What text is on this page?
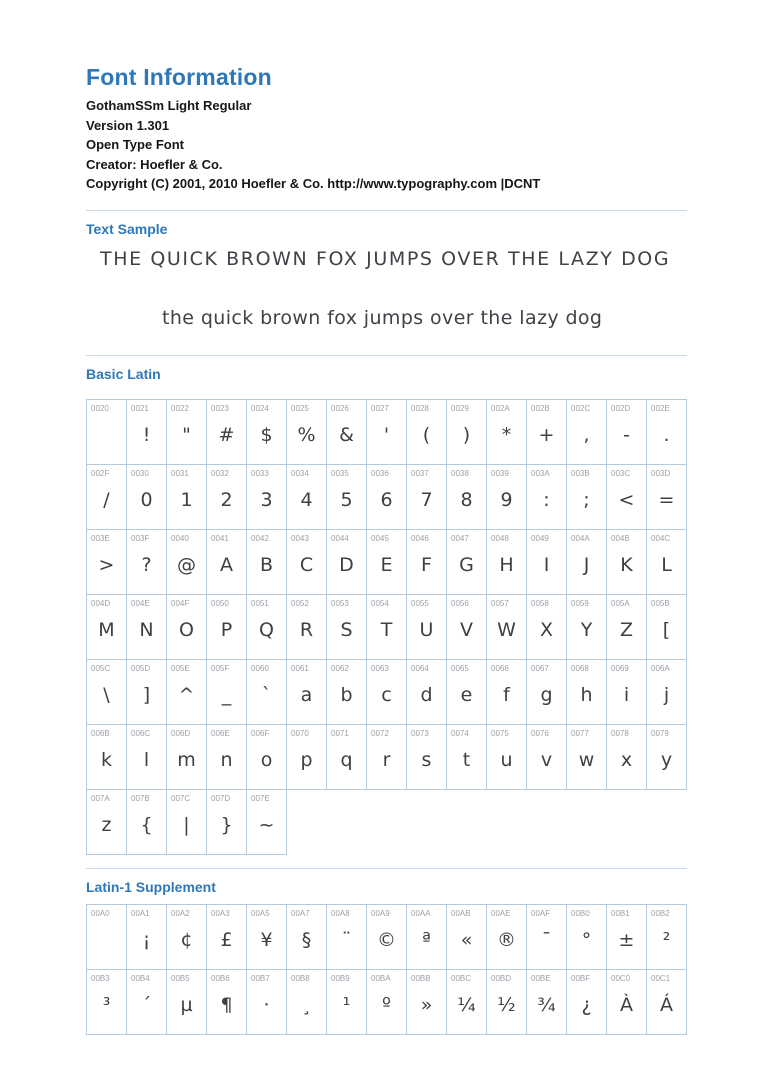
Font Information
GothamSSm Light Regular
Version 1.301
Open Type Font
Creator: Hoefler & Co.
Copyright (C) 2001, 2010 Hoefler & Co. http://www.typography.com |DCNT
Text Sample
THE QUICK BROWN FOX JUMPS OVER THE LAZY DOG
the quick brown fox jumps over the lazy dog
Basic Latin
0020	0021
!
0022
"
0023
#
0024
$
0025
%
0026
&
0027
'
0028
(
0029
)
002A
*
002B
+
002C
,
002D
-
002E
.
002F
/
0030
0
0031
1
0032
2
0033
3
0034
4
0035
5
0036
6
0037
7
0038
8
0039
9
003A
:
003B
;
003C
<
003D
=
003E
>
003F
?
0040
@
0041
A
0042
B
0043
C
0044
D
0045
E
0046
F
0047
G
0048
H
0049
I
004A
J
004B
K
004C
L
004D
M
004E
N
004F
O
0050
P
0051
Q
0052
R
0053
S
0054
T
0055
U
0056
V
0057
W
0058
X
0059
Y
005A
Z
005B
[
005C
\
005D
]
005E
^
005F
_
0060
`
0061
a
0062
b
0063
c
0064
d
0065
e
0066
f
0067
g
0068
h
0069
i
006A
j
006B
k
006C
l
006D
m
006E
n
006F
o
0070
p
0071
q
0072
r
0073
s
0074
t
0075
u
0076
v
0077
w
0078
x
0079
y
007A
z
007B
{
007C
|
007D
}
007E
~
Latin-1 Supplement
00A0	00A1
¡
00A2
¢
00A3
£
00A5
¥
00A7
§
00A8
¨
00A9
©
00AA
ª
00AB
«
00AE
®
00AF
¯
00B0
°
00B1
±
00B2
²
00B3
³
00B4
´
00B5
µ
00B6
¶
00B7
·
00B8
¸
00B9
¹
00BA
º
00BB
»
00BC
¼
00BD
½
00BE
¾
00BF
¿
00C0
À
00C1
Á
